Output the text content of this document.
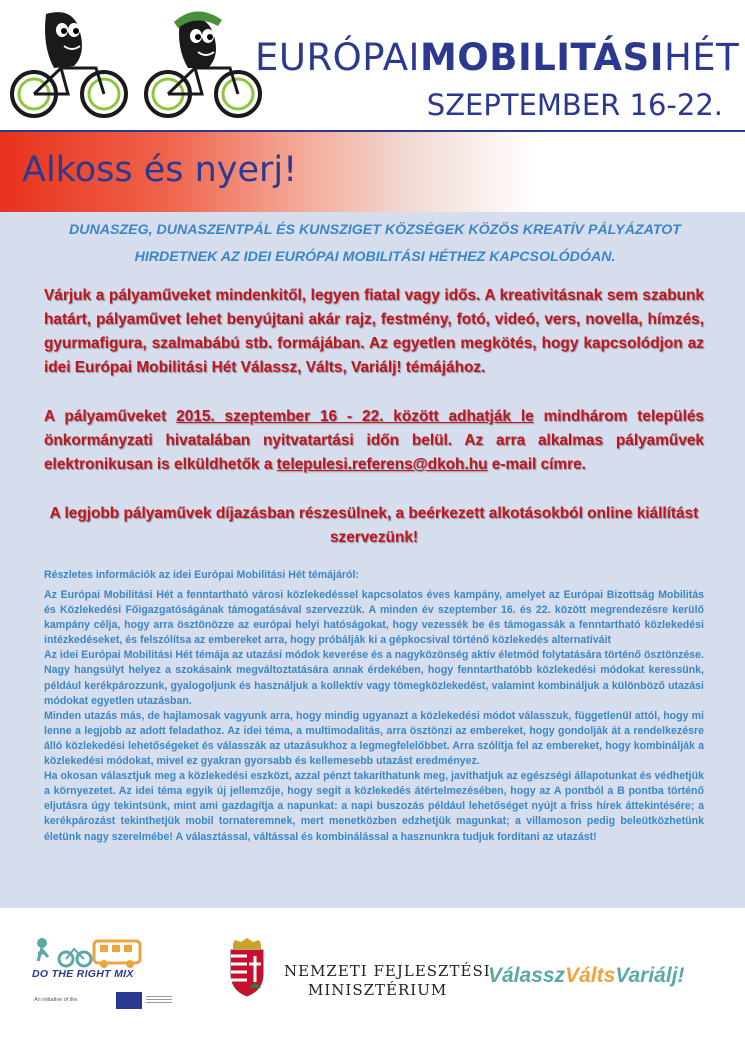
EURÓPAIMOBILITÁSIHÉT
SZEPTEMBER 16-22.
Alkoss és nyerj!
DUNASZEG, DUNASZENTPÁL ÉS KUNSZIGET KÖZSÉGEK KÖZÖS KREATÍV PÁLYÁZATOT HIRDETNEK AZ IDEI EURÓPAI MOBILITÁSI HÉTHEZ KAPCSOLÓDÓAN.
Várjuk a pályaműveket mindenkitől, legyen fiatal vagy idős. A kreativitásnak sem szabunk határt, pályaművet lehet benyújtani akár rajz, festmény, fotó, videó, vers, novella, hímzés, gyurmafigura, szalmabábú stb. formájában. Az egyetlen megkötés, hogy kapcsolódjon az idei Európai Mobilitási Hét Válassz, Válts, Variálj! témájához.
A pályaműveket 2015. szeptember 16 - 22. között adhatják le mindhárom település önkormányzati hivatalában nyitvatartási időn belül. Az arra alkalmas pályaművek elektronikusan is elküldhetők a telepulesi.referens@dkoh.hu e-mail címre.
A legjobb pályaművek díjazásban részesülnek, a beérkezett alkotásokból online kiállítást szervezünk!
Részletes információk az idei Európai Mobilitási Hét témájáról:

Az Európai Mobilitási Hét a fenntartható városi közlekedéssel kapcsolatos éves kampány, amelyet az Európai Bizottság Mobilitás és Közlekedési Főigazgatóságának támogatásával szervezzük. A minden év szeptember 16. és 22. között megrendezésre kerülő kampány célja, hogy arra ösztönözze az európai helyi hatóságokat, hogy vezessék be és támogassák a fenntartható közlekedési intézkedéseket, és felszólítsa az embereket arra, hogy próbálják ki a gépkocsival történő közlekedés alternatíváit

Az idei Európai Mobilitási Hét témája az utazási módok keverése és a nagyközönség aktív életmód folytatására történő ösztönzése. Nagy hangsúlyt helyez a szokásaink megváltoztatására annak érdekében, hogy fenntarthatóbb közlekedési módokat keressünk, például kerékpározzunk, gyalogoljunk és használjuk a kollektív vagy tömegközlekedést, valamint kombináljuk a különböző utazási módokat egyetlen utazásban.

Minden utazás más, de hajlamosak vagyunk arra, hogy mindig ugyanazt a közlekedési módot válasszuk, függetlenül attól, hogy mi lenne a legjobb az adott feladathoz. Az idei téma, a multimodalitás, arra ösztönzi az embereket, hogy gondolják át a rendelkezésre álló közlekedési lehetőségeket és válasszák az utazásukhoz a legmegfelelőbbet. Arra szólítja fel az embereket, hogy kombinálják a közlekedési módokat, mivel ez gyakran gyorsabb és kellemesebb utazást eredményez.

Ha okosan választjuk meg a közlekedési eszközt, azzal pénzt takaríthatunk meg, javíthatjuk az egészségi állapotunkat és védhetjük a környezetet. Az idei téma egyik új jellemzője, hogy segít a közlekedés átértelmezésében, hogy az A pontból a B pontba történő eljutásra úgy tekintsünk, mint ami gazdagítja a napunkat: a napi buszozás például lehetőséget nyújt a friss hírek áttekintésére; a kerékpározást tekinthetjük mobil tornateremnek, mert menetközben edzhetjük magunkat; a villamoson pedig beleütközhetünk életünk nagy szerelmébe! A választással, váltással és kombinálással a hasznunkra tudjuk fordítani az utazást!

DO THE RIGHT MIX
An initiative of the
NEMZETI FEJLESZTÉSI
MINISZTÉRIUM
VálasszVáltsVariálj!
